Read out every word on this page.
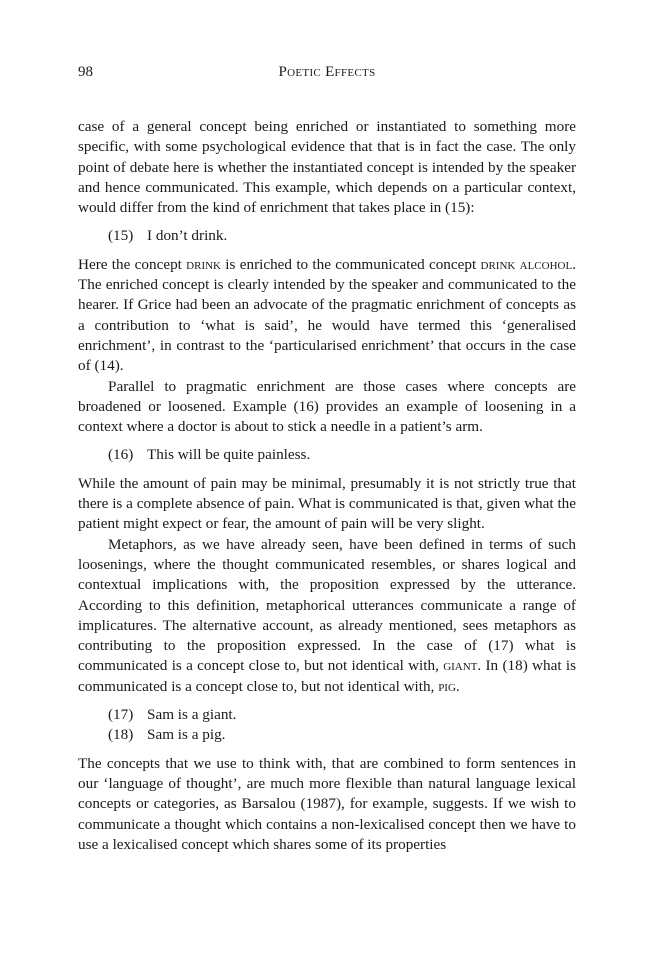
98	Poetic Effects

case of a general concept being enriched or instantiated to something more specific, with some psychological evidence that that is in fact the case. The only point of debate here is whether the instantiated concept is intended by the speaker and hence communicated. This example, which depends on a particular context, would differ from the kind of enrichment that takes place in (15):

(15) I don’t drink.

Here the concept drink is enriched to the communicated concept drink alcohol. The enriched concept is clearly intended by the speaker and communicated to the hearer. If Grice had been an advocate of the pragmatic enrichment of concepts as a contribution to ‘what is said’, he would have termed this ‘generalised enrichment’, in contrast to the ‘particularised enrichment’ that occurs in the case of (14).

Parallel to pragmatic enrichment are those cases where concepts are broadened or loosened. Example (16) provides an example of loosening in a context where a doctor is about to stick a needle in a patient’s arm.

(16) This will be quite painless.

While the amount of pain may be minimal, presumably it is not strictly true that there is a complete absence of pain. What is communicated is that, given what the patient might expect or fear, the amount of pain will be very slight.

Metaphors, as we have already seen, have been defined in terms of such loosenings, where the thought communicated resembles, or shares logical and contextual implications with, the proposition expressed by the utterance. According to this definition, metaphorical utterances communicate a range of implicatures. The alternative account, as already mentioned, sees metaphors as contributing to the proposition expressed. In the case of (17) what is communicated is a concept close to, but not identical with, giant. In (18) what is communicated is a concept close to, but not identical with, pig.

(17) Sam is a giant.
(18) Sam is a pig.

The concepts that we use to think with, that are combined to form sentences in our ‘language of thought’, are much more flexible than natural language lexical concepts or categories, as Barsalou (1987), for example, suggests. If we wish to communicate a thought which contains a non-lexicalised concept then we have to use a lexicalised concept which shares some of its properties
